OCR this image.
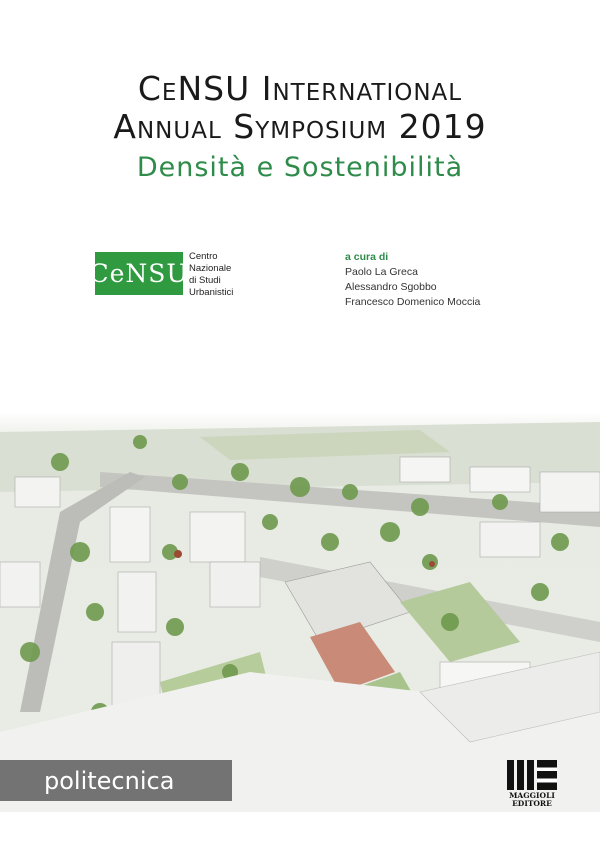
CeNSU International
Annual Symposium 2019
Densità e Sostenibilità
CeNSU
Centro
Nazionale
di Studi
Urbanistici
a cura di
Paolo La Greca
Alessandro Sgobbo
Francesco Domenico Moccia
politecnica
MAGGIOLI
EDITORE
